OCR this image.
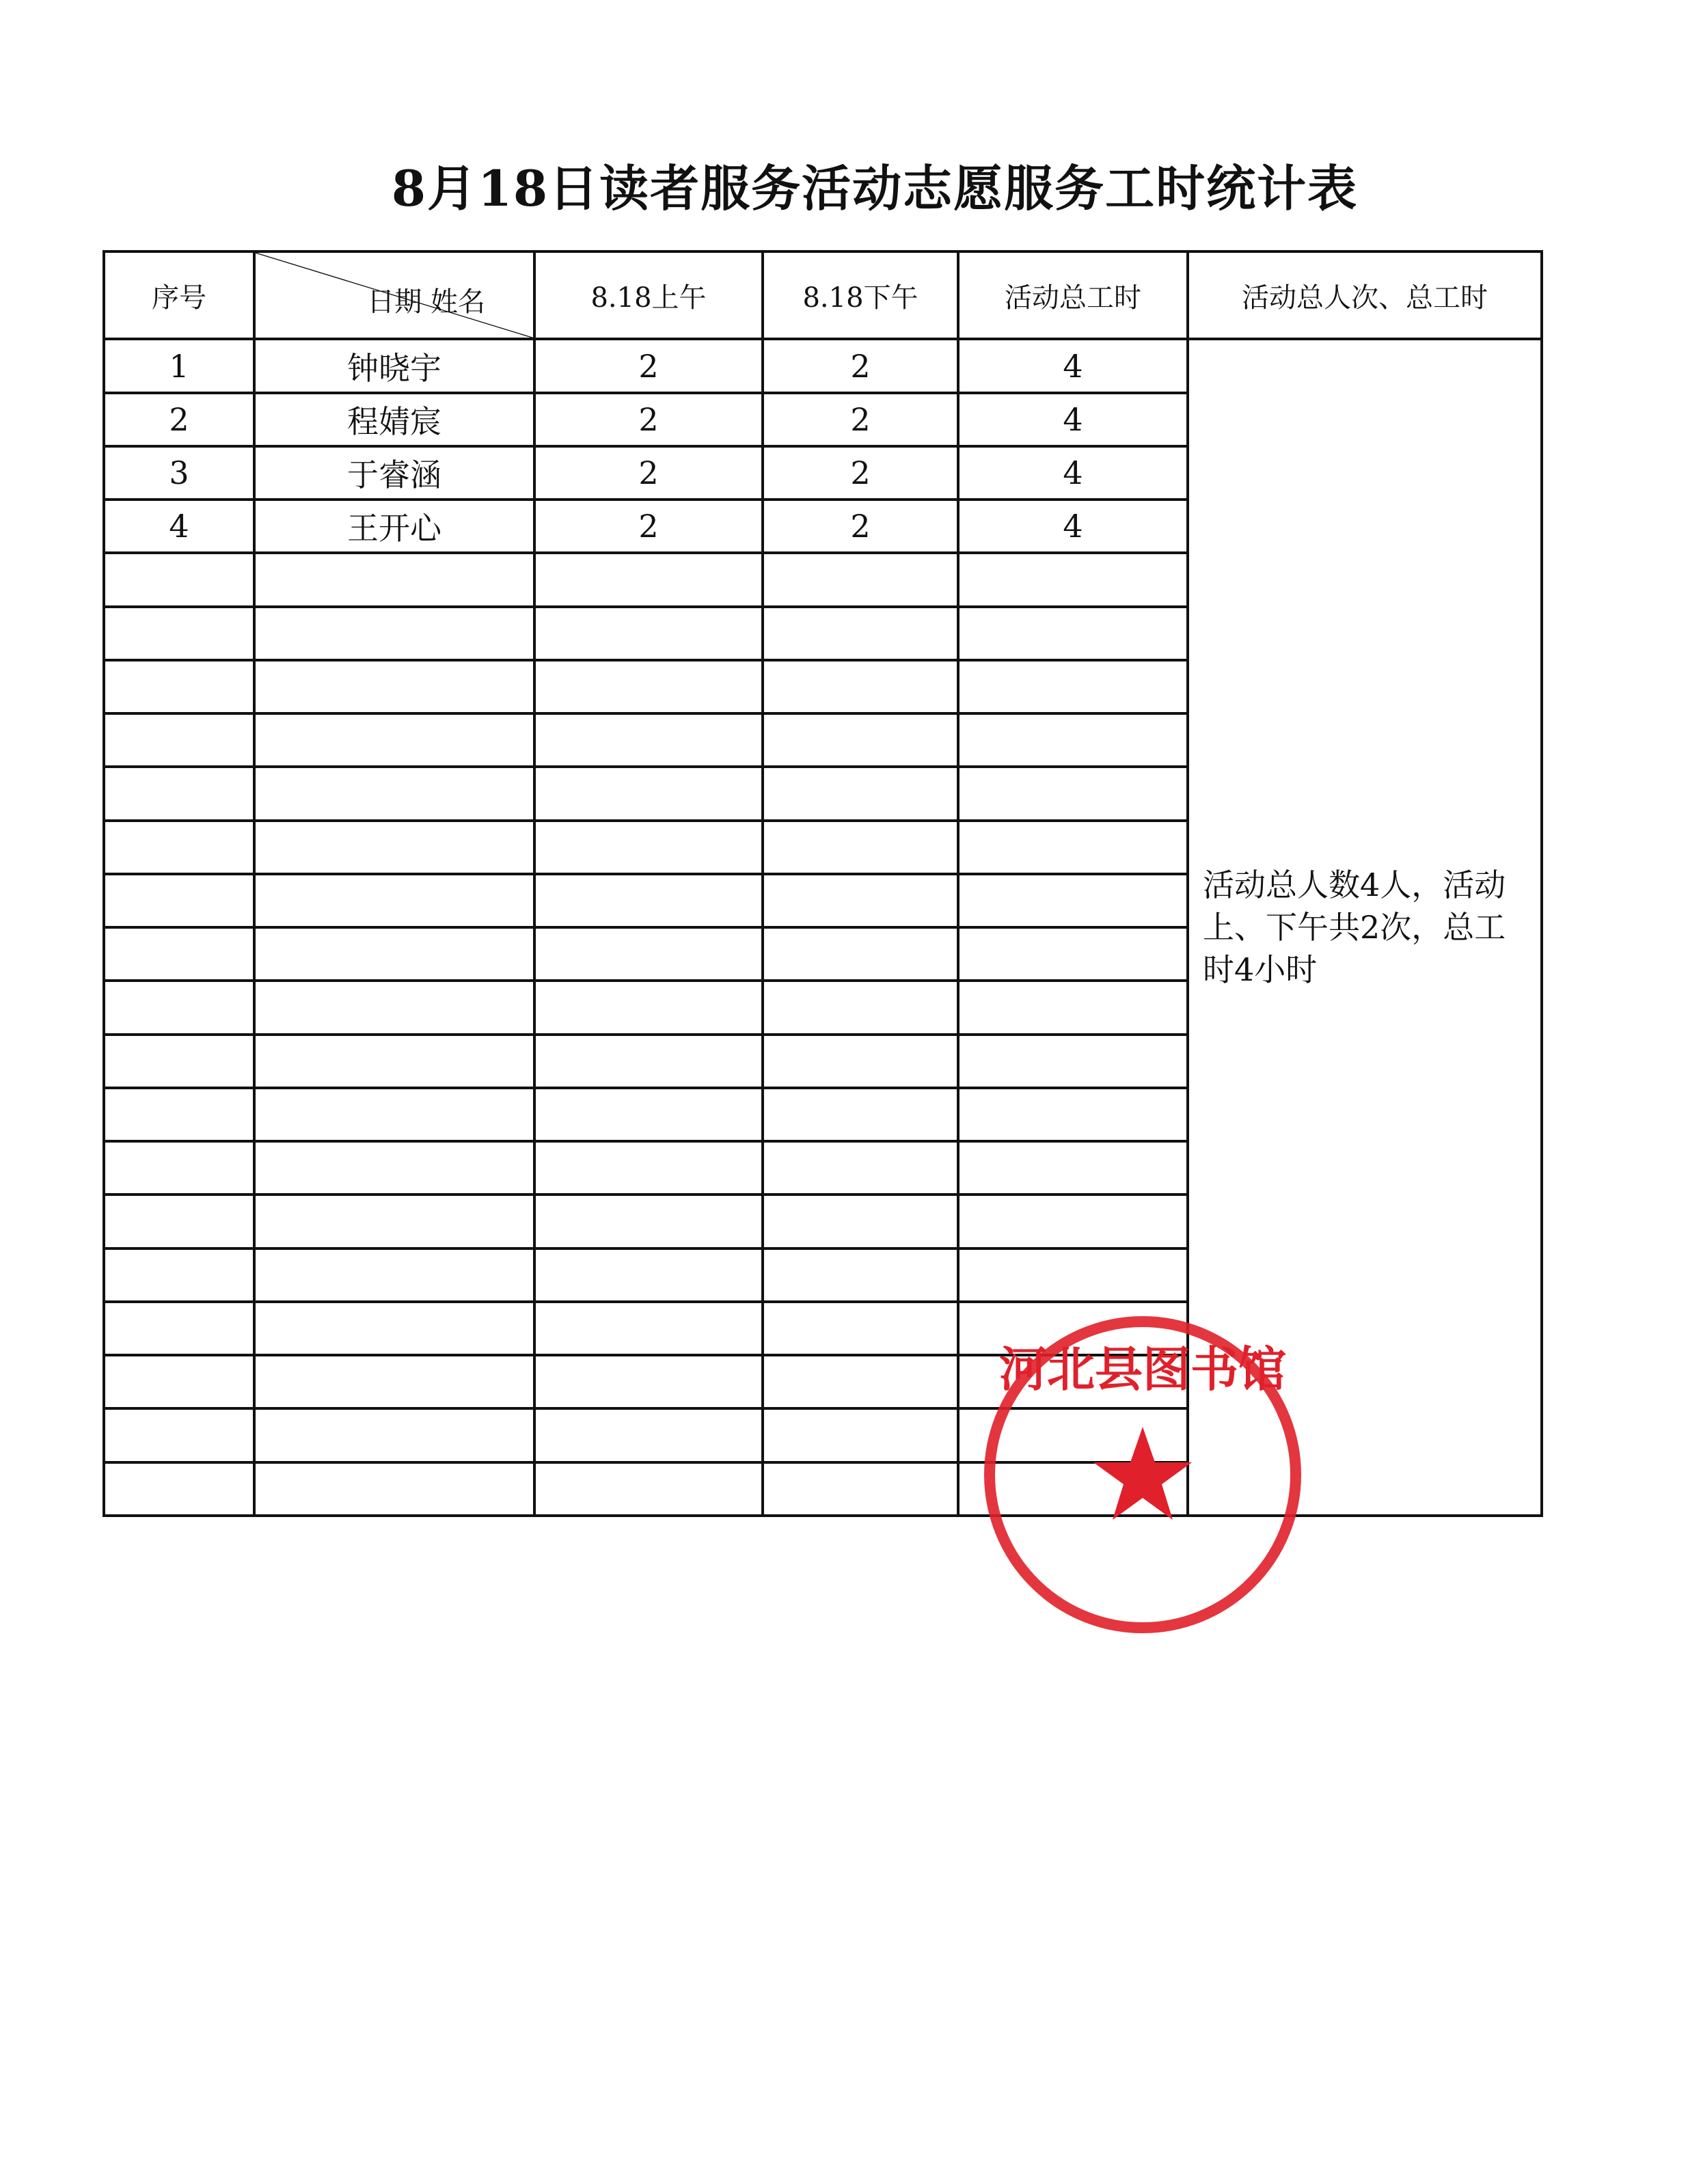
8月18日读者服务活动志愿服务工时统计表
序号	日期 姓名	8.18上午	8.18下午	活动总工时	活动总人次、总工时
1	钟晓宇	2	2	4	活动总人数4人，活动上、下午共2次，总工时4小时
2	程婧宸	2	2	4	
3	于睿涵	2	2	4	
4	王开心	2	2	4	

河北县图书馆
